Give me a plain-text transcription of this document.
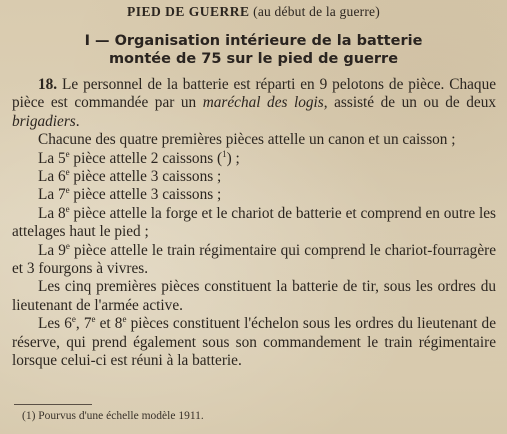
PIED DE GUERRE (au début de la guerre)
I — Organisation intérieure de la batterie
montée de 75 sur le pied de guerre

18. Le personnel de la batterie est réparti en 9 pelotons de pièce. Chaque pièce est commandée par un maréchal des logis, assisté de un ou de deux brigadiers.

Chacune des quatre premières pièces attelle un canon et un caisson ;

La 5e pièce attelle 2 caissons ($^1$) ;

La 6e pièce attelle 3 caissons ;

La 7e pièce attelle 3 caissons ;

La 8e pièce attelle la forge et le chariot de batterie et comprend en outre les attelages haut le pied ;

La 9e pièce attelle le train régimentaire qui comprend le chariot-fourragère et 3 fourgons à vivres.

Les cinq premières pièces constituent la batterie de tir, sous les ordres du lieutenant de l'armée active.

Les 6e, 7e et 8e pièces constituent l'échelon sous les ordres du lieutenant de réserve, qui prend également sous son commandement le train régimentaire lorsque celui-ci est réuni à la batterie.

(1) Pourvus d'une échelle modèle 1911.
